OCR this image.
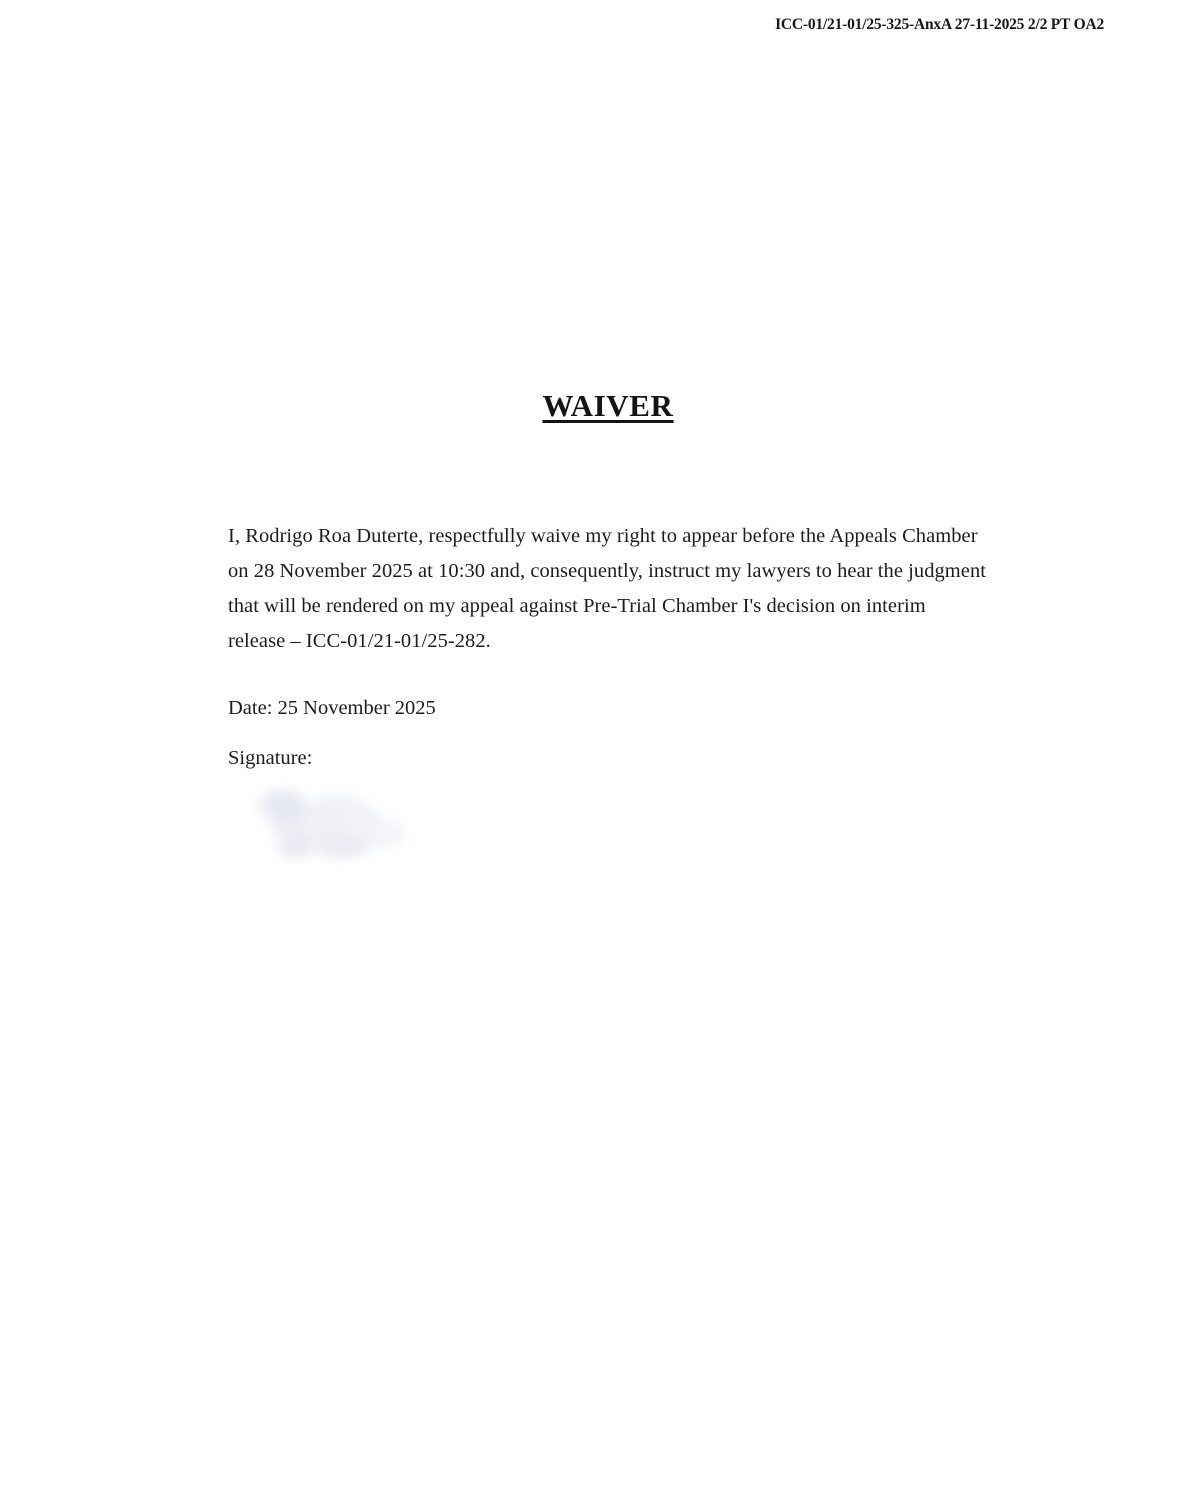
ICC-01/21-01/25-325-AnxA 27-11-2025 2/2 PT OA2
WAIVER

I, Rodrigo Roa Duterte, respectfully waive my right to appear before the Appeals Chamber on 28 November 2025 at 10:30 and, consequently, instruct my lawyers to hear the judgment that will be rendered on my appeal against Pre-Trial Chamber I's decision on interim release – ICC-01/21-01/25-282.

Date: 25 November 2025
Signature:
